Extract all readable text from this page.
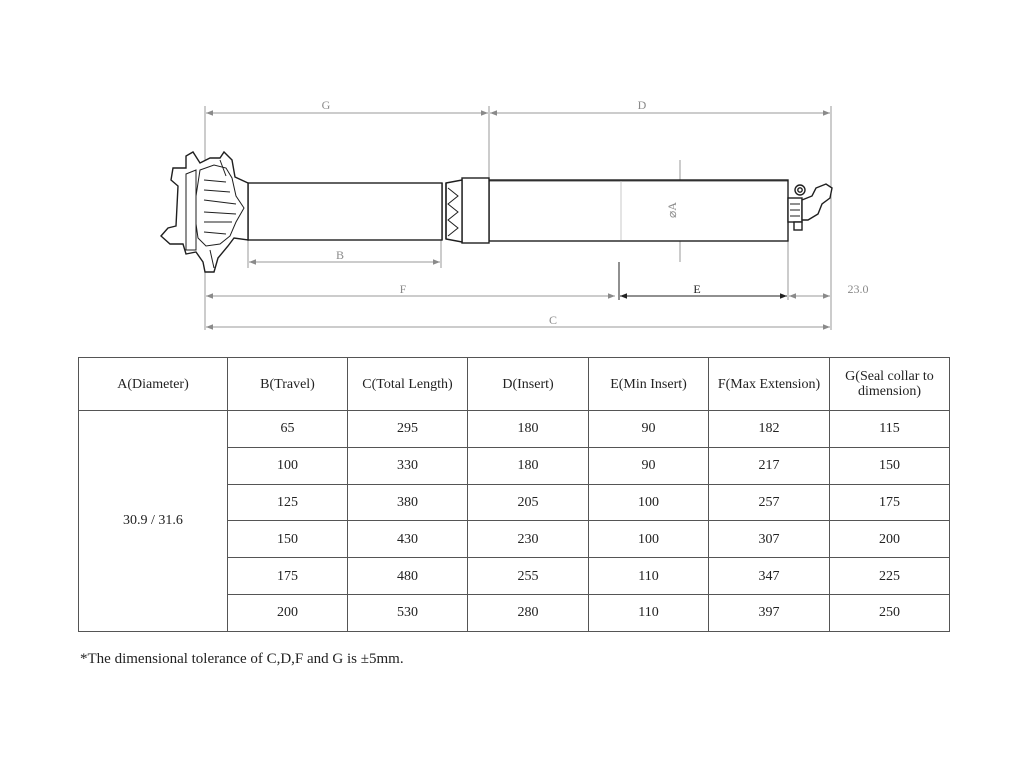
G	D
⌀A
B
F	E	23.0
C
A(Diameter)	B(Travel)	C(Total Length)	D(Insert)	E(Min Insert)	F(Max Extension)	G(Seal collar to dimension)
30.9 / 31.6	65	295	180	90	182	115
	100	330	180	90	217	150
	125	380	205	100	257	175
	150	430	230	100	307	200
	175	480	255	110	347	225
	200	530	280	110	397	250
*The dimensional tolerance of C,D,F and G is ±5mm.
